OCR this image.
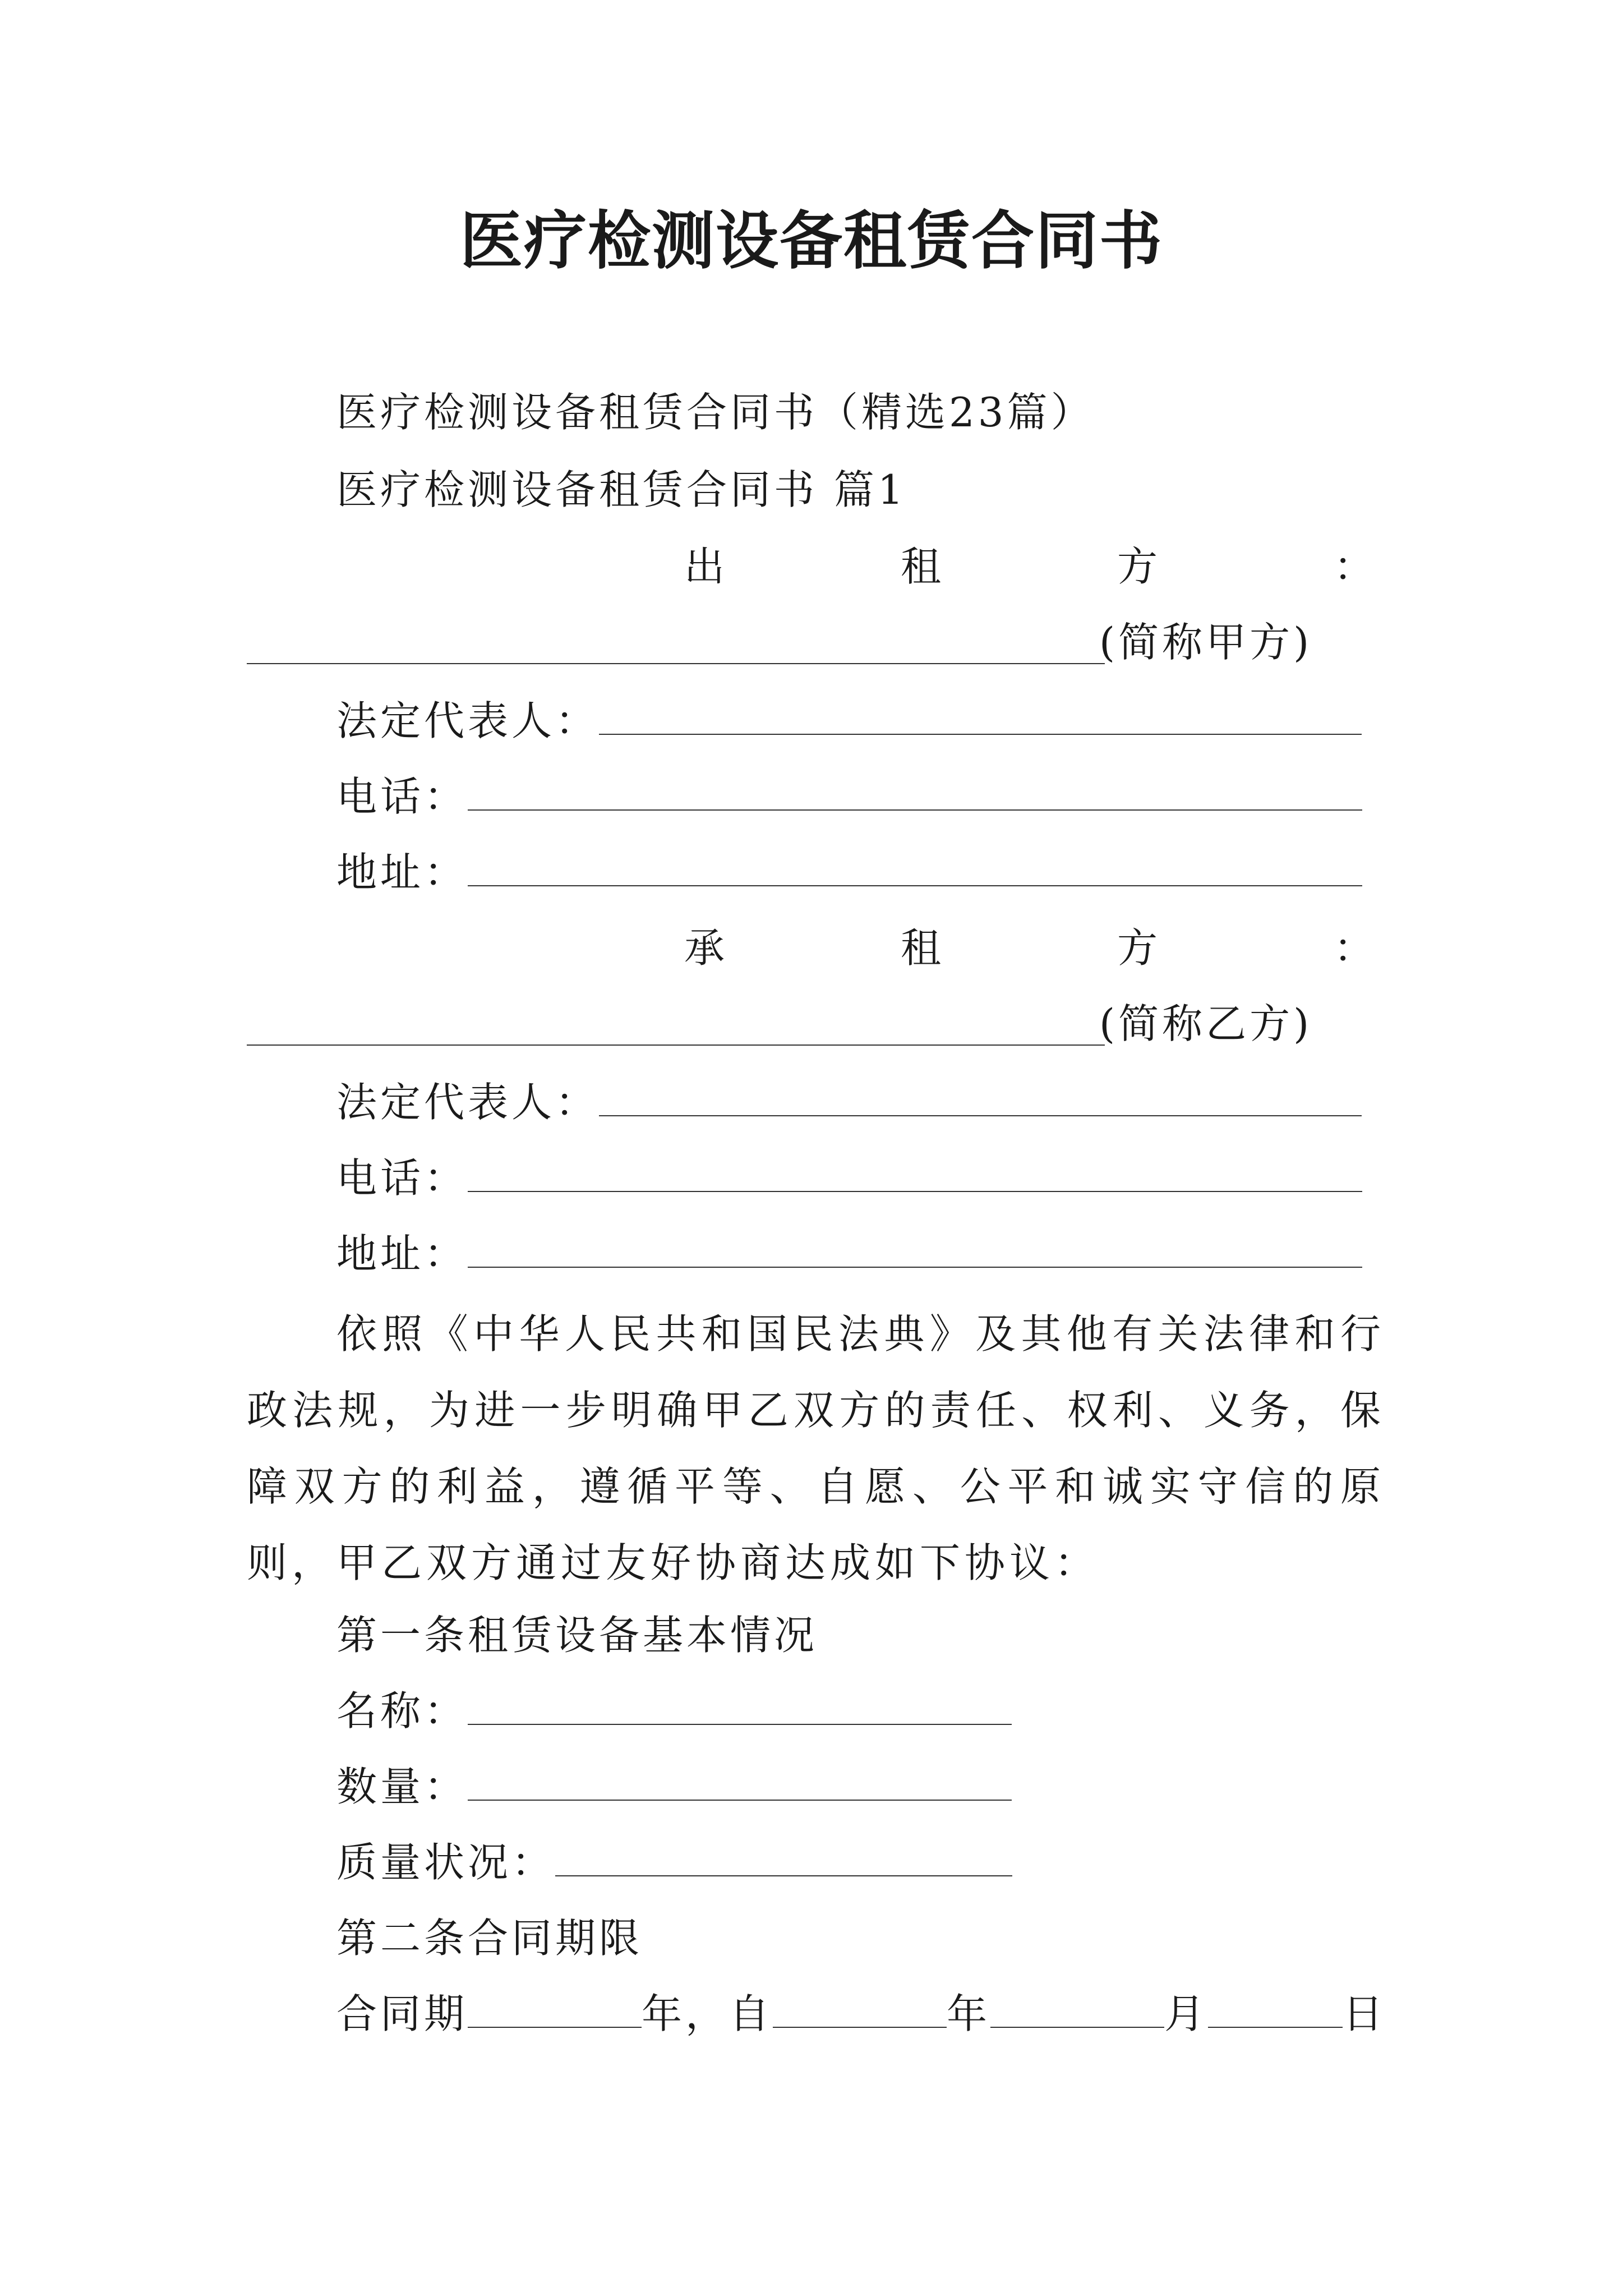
医疗检测设备租赁合同书
医疗检测设备租赁合同书（精选23篇）
医疗检测设备租赁合同书 篇1
出	租	方	：
(简称甲方)
法定代表人：
电话：
地址：
承	租	方	：
(简称乙方)
法定代表人：
电话：
地址：
依照《中华人民共和国民法典》及其他有关法律和行政法规，为进一步明确甲乙双方的责任、权利、义务，保障双方的利益，遵循平等、自愿、公平和诚实守信的原则，甲乙双方通过友好协商达成如下协议：
第一条租赁设备基本情况
名称：
数量：
质量状况：
第二条合同期限
合同期	年，自	年	月	日
